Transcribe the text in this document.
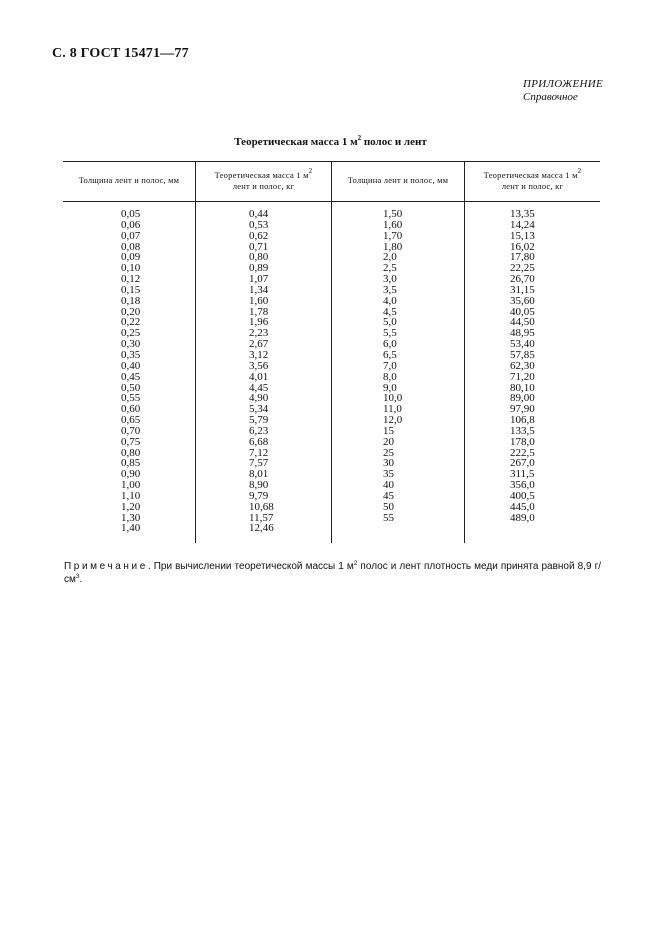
С. 8 ГОСТ 15471—77
ПРИЛОЖЕНИЕ
Справочное
Теоретическая масса 1 $м^2$ полос и лент
Толщина лент и полос, мм
Теоретическая масса 1 $м^2$
лент и полос, кг
Толщина лент и полос, мм
Теоретическая масса 1 $м^2$
лент и полос, кг
0,05
0,06
0,07
0,08
0,09
0,10
0,12
0,15
0,18
0,20
0,22
0,25
0,30
0,35
0,40
0,45
0,50
0,55
0,60
0,65
0,70
0,75
0,80
0,85
0,90
1,00
1,10
1,20
1,30
1,40
0,44
0,53
0,62
0,71
0,80
0,89
1,07
1,34
1,60
1,78
1,96
2,23
2,67
3,12
3,56
4,01
4,45
4,90
5,34
5,79
6,23
6,68
7,12
7,57
8,01
8,90
9,79
10,68
11,57
12,46
1,50
1,60
1,70
1,80
2,0
2,5
3,0
3,5
4,0
4,5
5,0
5,5
6,0
6,5
7,0
8,0
9,0
10,0
11,0
12,0
15
20
25
30
35
40
45
50
55
13,35
14,24
15,13
16,02
17,80
22,25
26,70
31,15
35,60
40,05
44,50
48,95
53,40
57,85
62,30
71,20
80,10
89,00
97,90
106,8
133,5
178,0
222,5
267,0
311,5
356,0
400,5
445,0
489,0
Примечание. При вычислении теоретической массы 1 $м^2$ полос и лент плотность меди принята равной 8,9 $г/см^3$.
